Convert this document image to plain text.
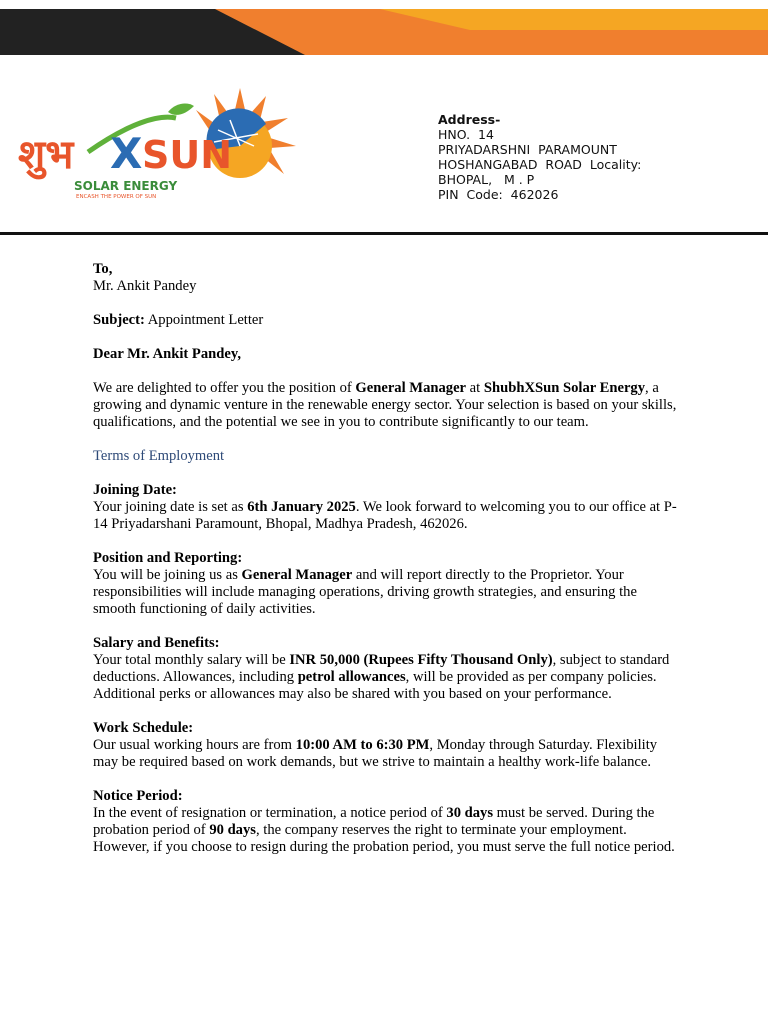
शुभ X SUN
SOLAR ENERGY
ENCASH THE POWER OF SUN
Address-
HNO.  14
PRIYADARSHNI  PARAMOUNT
HOSHANGABAD  ROAD  Locality:
BHOPAL,   M . P
PIN  Code:  462026

To,

Mr. Ankit Pandey

Subject: Appointment Letter

Dear Mr. Ankit Pandey,

We are delighted to offer you the position of General Manager at ShubhXSun Solar Energy, a growing and dynamic venture in the renewable energy sector. Your selection is based on your skills, qualifications, and the potential we see in you to contribute significantly to our team.

Terms of Employment

Joining Date:

Your joining date is set as 6th January 2025. We look forward to welcoming you to our office at P-14 Priyadarshani Paramount, Bhopal, Madhya Pradesh, 462026.

Position and Reporting:

You will be joining us as General Manager and will report directly to the Proprietor. Your responsibilities will include managing operations, driving growth strategies, and ensuring the smooth functioning of daily activities.

Salary and Benefits:

Your total monthly salary will be INR 50,000 (Rupees Fifty Thousand Only), subject to standard deductions. Allowances, including petrol allowances, will be provided as per company policies. Additional perks or allowances may also be shared with you based on your performance.

Work Schedule:

Our usual working hours are from 10:00 AM to 6:30 PM, Monday through Saturday. Flexibility may be required based on work demands, but we strive to maintain a healthy work-life balance.

Notice Period:

In the event of resignation or termination, a notice period of 30 days must be served. During the probation period of 90 days, the company reserves the right to terminate your employment. However, if you choose to resign during the probation period, you must serve the full notice period.
